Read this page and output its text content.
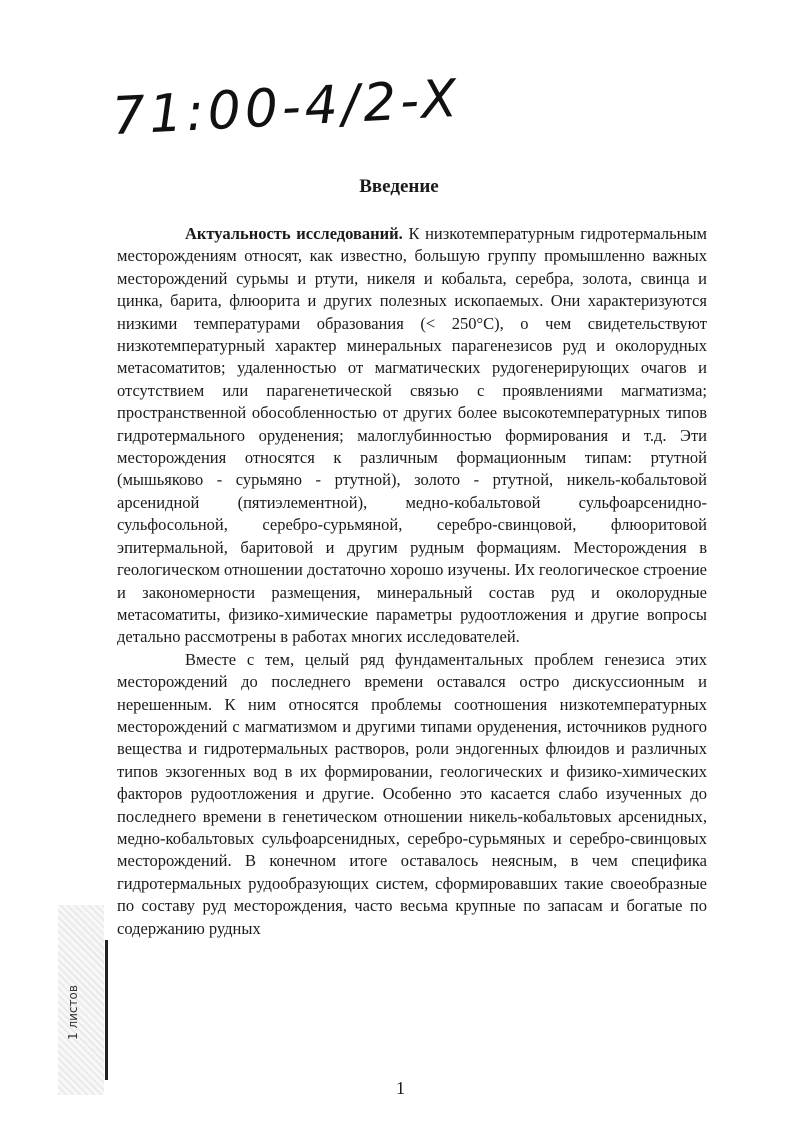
71:00-4/2-X
Введение

Актуальность исследований. К низкотемпературным гидротермальным месторождениям относят, как известно, большую группу промышленно важных месторождений сурьмы и ртути, никеля и кобальта, серебра, золота, свинца и цинка, барита, флюорита и других полезных ископаемых. Они характеризуются низкими температурами образования (< 250°С), о чем свидетельствуют низкотемпературный характер минеральных парагенезисов руд и околорудных метасоматитов; удаленностью от магматических рудогенерирующих очагов и отсутствием или парагенетической связью с проявлениями магматизма; пространственной обособленностью от других более высокотемпературных типов гидротермального оруденения; малоглубинностью формирования и т.д. Эти месторождения относятся к различным формационным типам: ртутной (мышьяково - сурьмяно - ртутной), золото - ртутной, никель-кобальтовой арсенидной (пятиэлементной), медно-кобальтовой сульфоарсенидно-сульфосольной, серебро-сурьмяной, серебро-свинцовой, флюоритовой эпитермальной, баритовой и другим рудным формациям. Месторождения в геологическом отношении достаточно хорошо изучены. Их геологическое строение и закономерности размещения, минеральный состав руд и околорудные метасоматиты, физико-химические параметры рудоотложения и другие вопросы детально рассмотрены в работах многих исследователей.

Вместе с тем, целый ряд фундаментальных проблем генезиса этих месторождений до последнего времени оставался остро дискуссионным и нерешенным. К ним относятся проблемы соотношения низкотемпературных месторождений с магматизмом и другими типами оруденения, источников рудного вещества и гидротермальных растворов, роли эндогенных флюидов и различных типов экзогенных вод в их формировании, геологических и физико-химических факторов рудоотложения и другие. Особенно это касается слабо изученных до последнего времени в генетическом отношении никель-кобальтовых арсенидных, медно-кобальтовых сульфоарсенидных, серебро-сурьмяных и серебро-свинцовых месторождений. В конечном итоге оставалось неясным, в чем специфика гидротермальных рудообразующих систем, сформировавших такие своеобразные по составу руд месторождения, часто весьма крупные по запасам и богатые по содержанию рудных

1 листов
1
